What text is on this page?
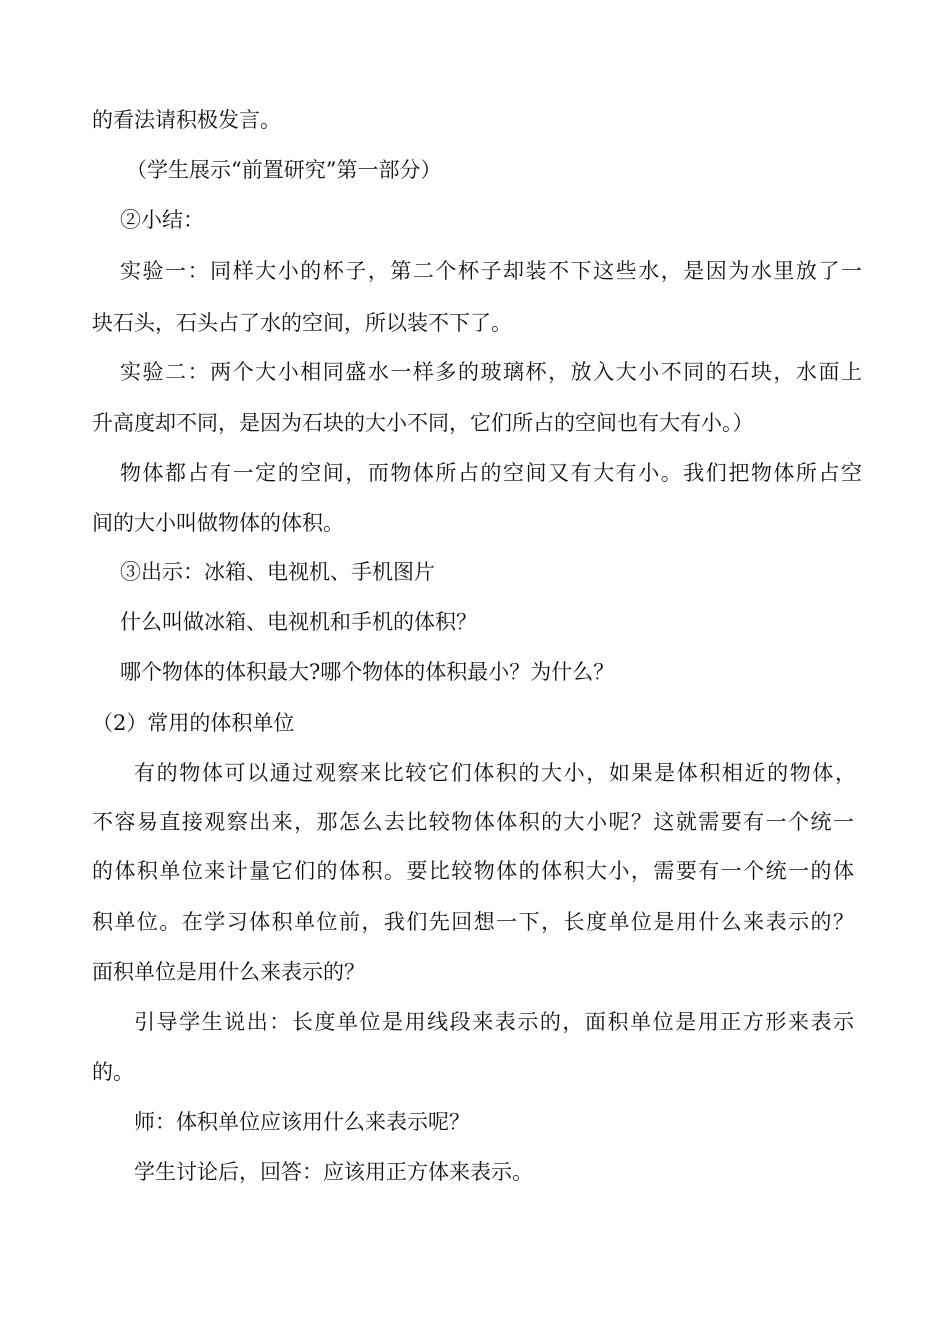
的看法请积极发言。
（学生展示“前置研究”第一部分）
②小结：
实验一：同样大小的杯子，第二个杯子却装不下这些水，是因为水里放了一
块石头，石头占了水的空间，所以装不下了。
实验二：两个大小相同盛水一样多的玻璃杯，放入大小不同的石块，水面上
升高度却不同，是因为石块的大小不同，它们所占的空间也有大有小。）
物体都占有一定的空间，而物体所占的空间又有大有小。我们把物体所占空
间的大小叫做物体的体积。
③出示：冰箱、电视机、手机图片
什么叫做冰箱、电视机和手机的体积？
哪个物体的体积最大?哪个物体的体积最小？为什么？
（2）常用的体积单位
有的物体可以通过观察来比较它们体积的大小，如果是体积相近的物体，
不容易直接观察出来，那怎么去比较物体体积的大小呢？这就需要有一个统一
的体积单位来计量它们的体积。要比较物体的体积大小，需要有一个统一的体
积单位。在学习体积单位前，我们先回想一下，长度单位是用什么来表示的？
面积单位是用什么来表示的？
引导学生说出：长度单位是用线段来表示的，面积单位是用正方形来表示
的。
师：体积单位应该用什么来表示呢？
学生讨论后，回答：应该用正方体来表示。
